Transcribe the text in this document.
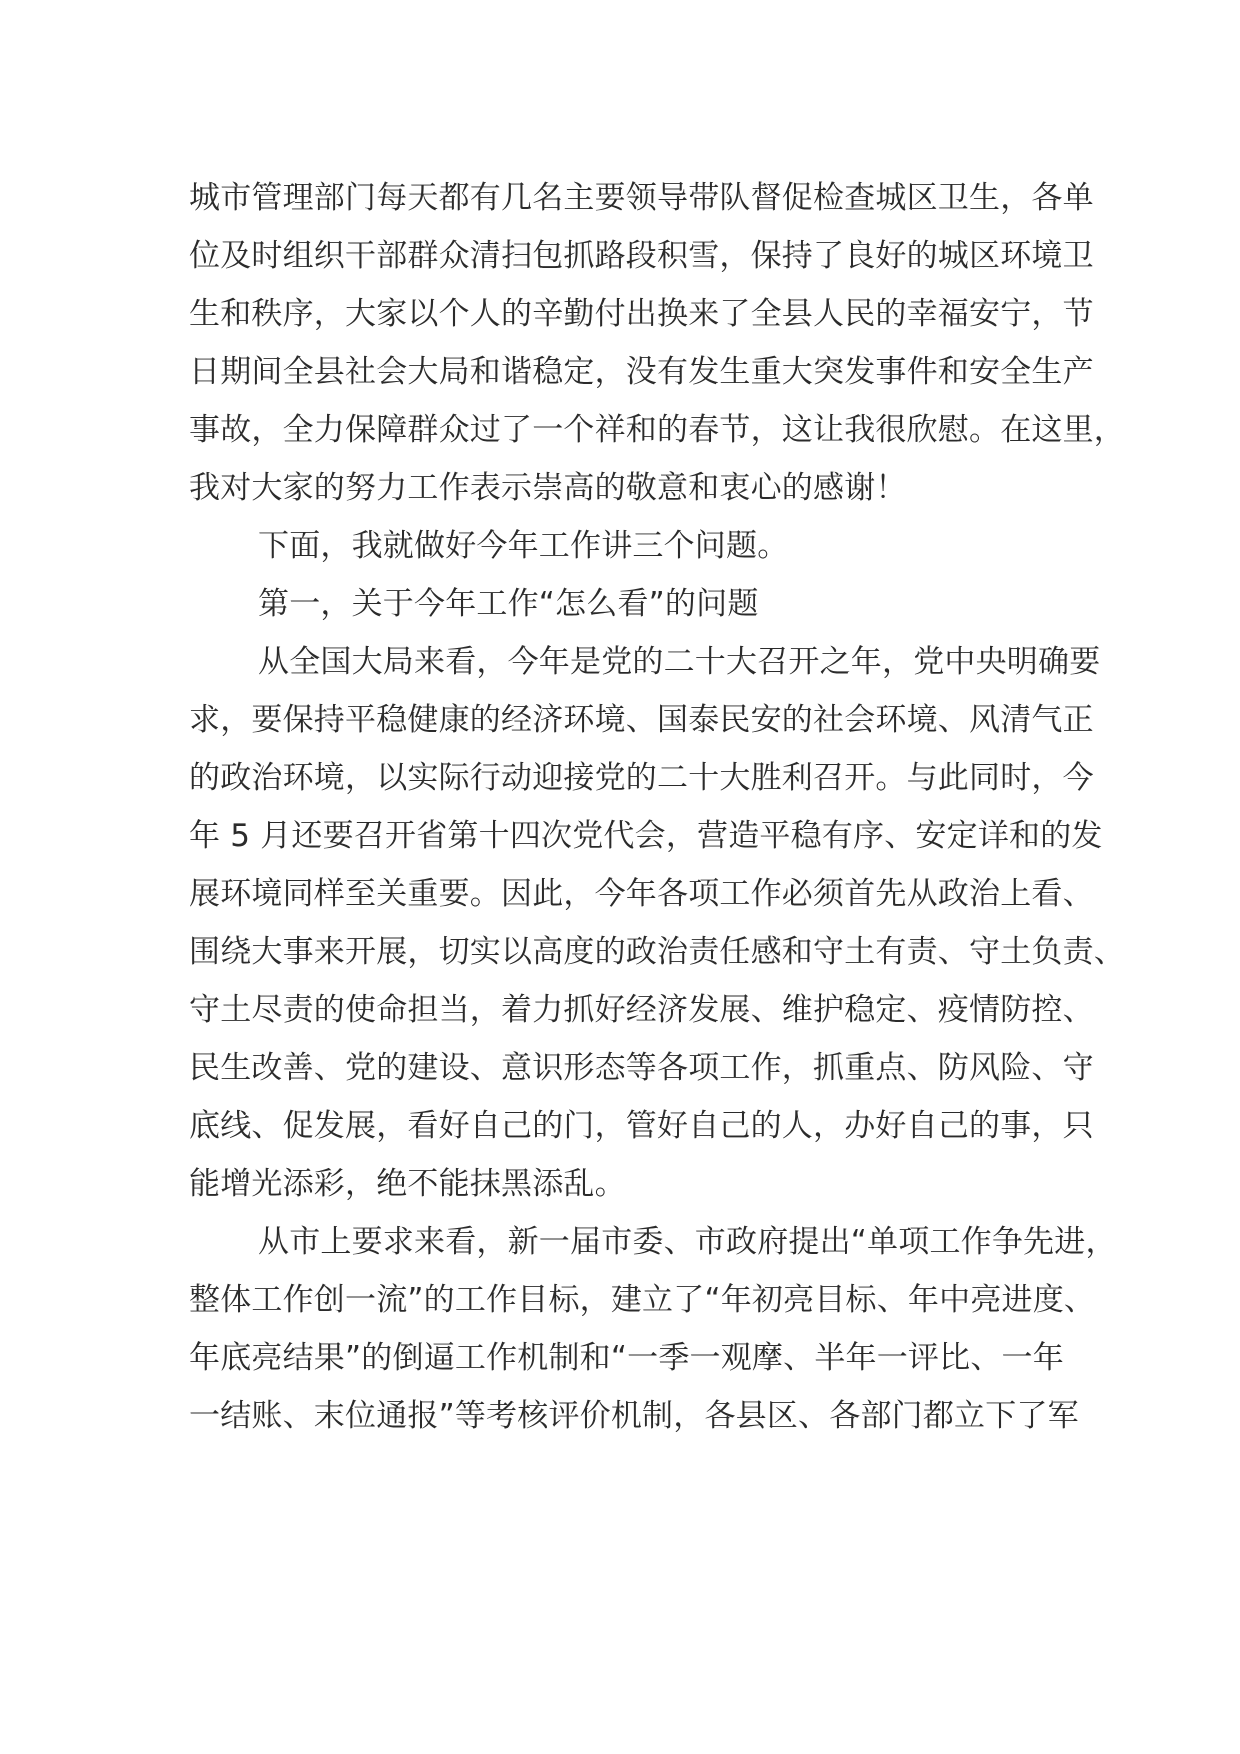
城市管理部门每天都有几名主要领导带队督促检查城区卫生，各单
位及时组织干部群众清扫包抓路段积雪，保持了良好的城区环境卫
生和秩序，大家以个人的辛勤付出换来了全县人民的幸福安宁，节
日期间全县社会大局和谐稳定，没有发生重大突发事件和安全生产
事故，全力保障群众过了一个祥和的春节，这让我很欣慰。在这里，
我对大家的努力工作表示崇高的敬意和衷心的感谢！
下面，我就做好今年工作讲三个问题。
第一，关于今年工作“怎么看”的问题
从全国大局来看，今年是党的二十大召开之年，党中央明确要
求，要保持平稳健康的经济环境、国泰民安的社会环境、风清气正
的政治环境，以实际行动迎接党的二十大胜利召开。与此同时，今
年 5 月还要召开省第十四次党代会，营造平稳有序、安定详和的发
展环境同样至关重要。因此，今年各项工作必须首先从政治上看、
围绕大事来开展，切实以高度的政治责任感和守土有责、守土负责、
守土尽责的使命担当，着力抓好经济发展、维护稳定、疫情防控、
民生改善、党的建设、意识形态等各项工作，抓重点、防风险、守
底线、促发展，看好自己的门，管好自己的人，办好自己的事，只
能增光添彩，绝不能抹黑添乱。
从市上要求来看，新一届市委、市政府提出“单项工作争先进，
整体工作创一流”的工作目标，建立了“年初亮目标、年中亮进度、
年底亮结果”的倒逼工作机制和“一季一观摩、半年一评比、一年
一结账、末位通报”等考核评价机制，各县区、各部门都立下了军
